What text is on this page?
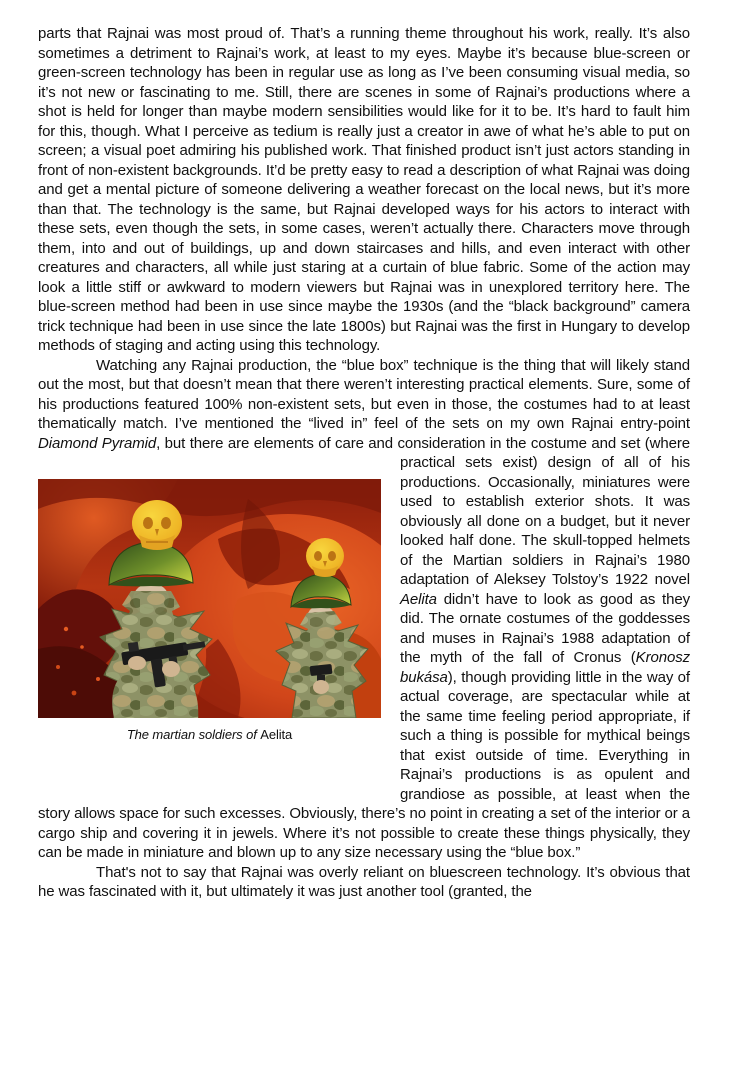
parts that Rajnai was most proud of. That’s a running theme throughout his work, really. It’s also sometimes a detriment to Rajnai’s work, at least to my eyes. Maybe it’s because blue-screen or green-screen technology has been in regular use as long as I’ve been consuming visual media, so it’s not new or fascinating to me. Still, there are scenes in some of Rajnai’s productions where a shot is held for longer than maybe modern sensibilities would like for it to be. It’s hard to fault him for this, though. What I perceive as tedium is really just a creator in awe of what he’s able to put on screen; a visual poet admiring his published work. That finished product isn’t just actors standing in front of non-existent backgrounds. It’d be pretty easy to read a description of what Rajnai was doing and get a mental picture of someone delivering a weather forecast on the local news, but it’s more than that. The technology is the same, but Rajnai developed ways for his actors to interact with these sets, even though the sets, in some cases, weren’t actually there. Characters move through them, into and out of buildings, up and down staircases and hills, and even interact with other creatures and characters, all while just staring at a curtain of blue fabric. Some of the action may look a little stiff or awkward to modern viewers but Rajnai was in unexplored territory here. The blue-screen method had been in use since maybe the 1930s (and the “black background” camera trick technique had been in use since the late 1800s) but Rajnai was the first in Hungary to develop methods of staging and acting using this technology.

Watching any Rajnai production, the “blue box” technique is the thing that will likely stand out the most, but that doesn’t mean that there weren’t interesting practical elements. Sure, some of his productions featured 100% non-existent sets, but even in those, the costumes had to at least thematically match. I’ve mentioned the “lived in” feel of the sets on my own Rajnai entry-point Diamond Pyramid, but there are elements of
The martian soldiers of Aelita
care and consideration in the costume and set (where practical sets exist) design of all of his productions. Occasionally, miniatures were used to establish exterior shots. It was obviously all done on a budget, but it never looked half done. The skull-topped helmets of the Martian soldiers in Rajnai’s 1980 adaptation of Aleksey Tolstoy’s 1922 novel Aelita didn’t have to look as good as they did. The ornate costumes of the goddesses and muses in Rajnai’s 1988 adaptation of the myth of the fall of Cronus (Kronosz bukása), though providing little in the way of actual coverage, are spectacular while at the same time feeling period appropriate, if such a thing is possible for mythical beings that exist outside of time. Everything in Rajnai’s productions is as opulent and grandiose as possible, at least when the story allows space for such excesses. Obviously, there’s no point in creating a set of the interior or a cargo ship and covering it in jewels. Where it’s not possible to create these things physically, they can be made in miniature and blown up to any size necessary using the “blue box.”

That's not to say that Rajnai was overly reliant on bluescreen technology. It’s obvious that he was fascinated with it, but ultimately it was just another tool (granted, the
